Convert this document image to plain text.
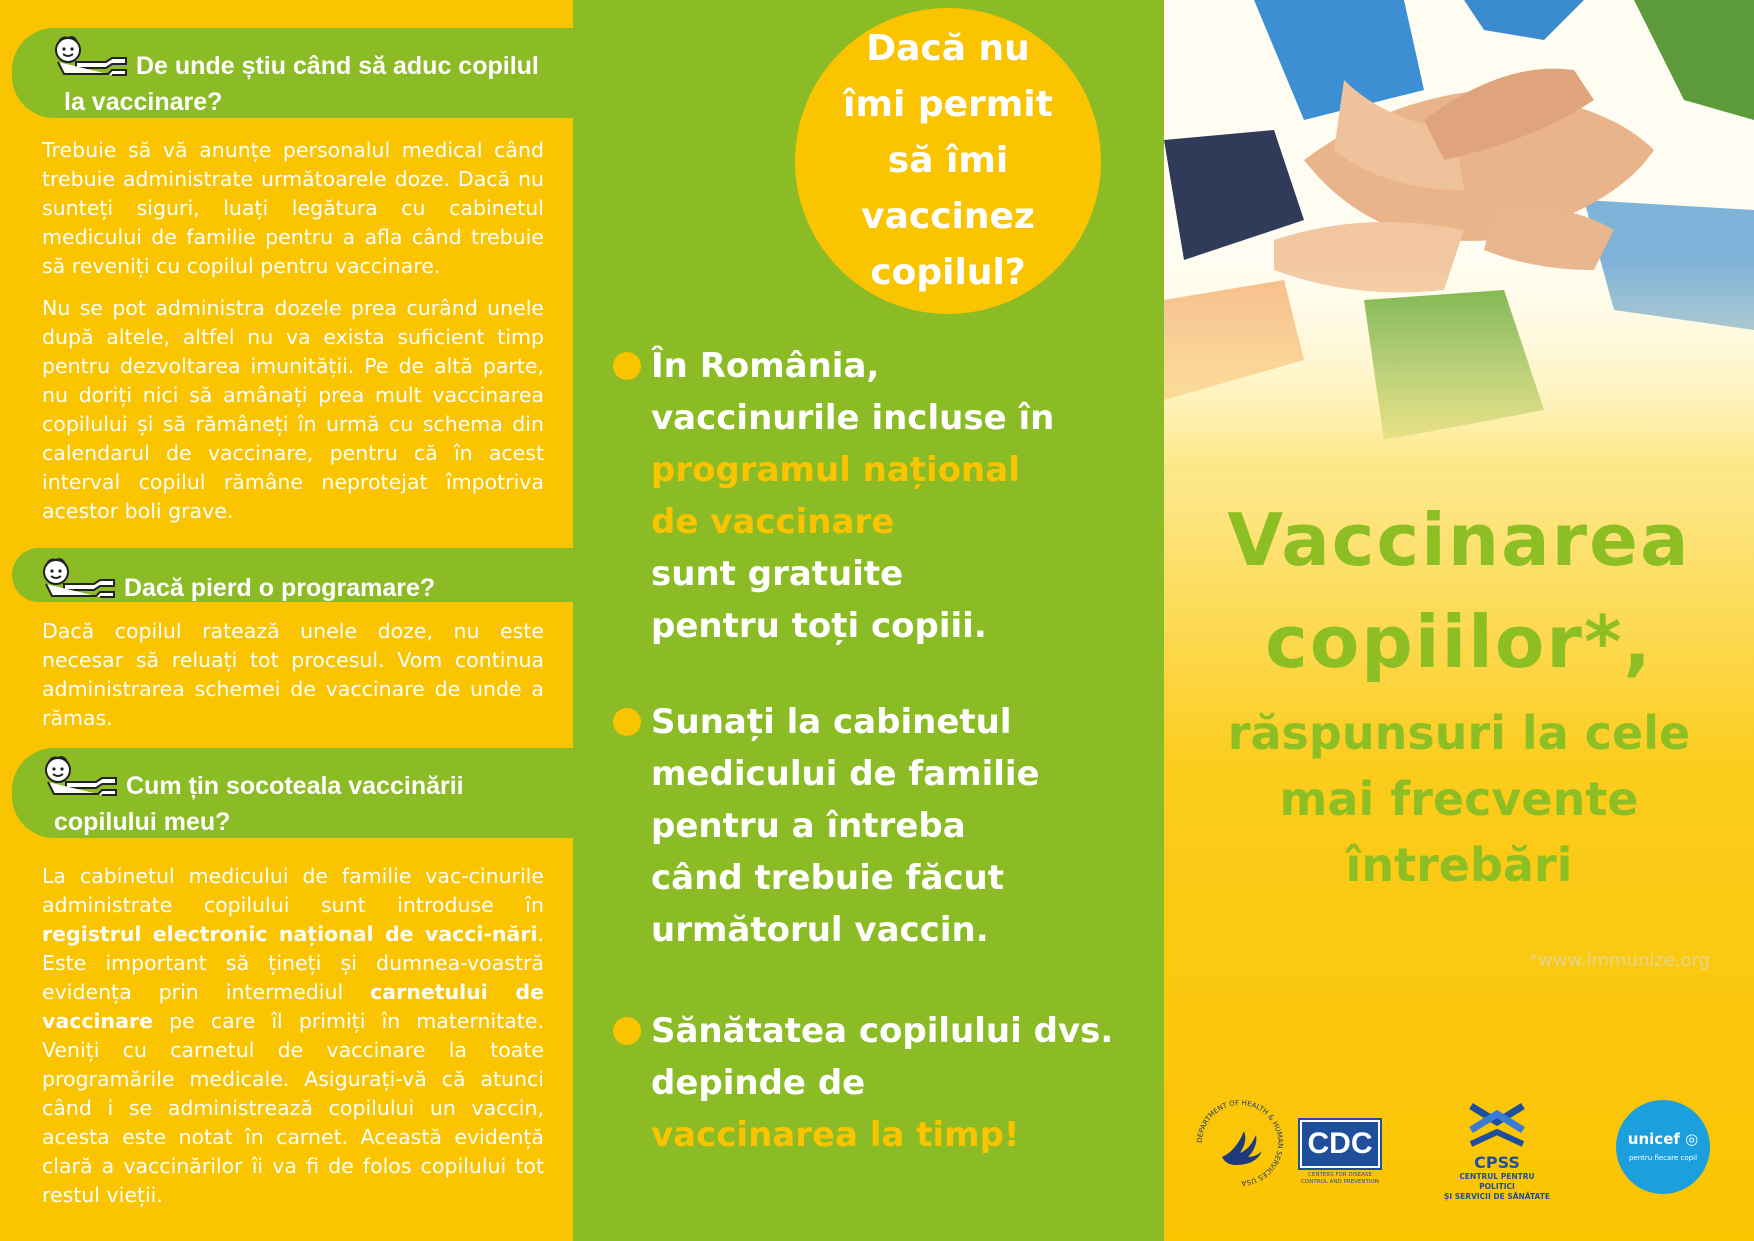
De unde știu când să aduc copilul

la vaccinare?

Trebuie să vă anunțe personalul medical când trebuie administrate următoarele doze. Dacă nu sunteți siguri, luați legătura cu cabinetul medicului de familie pentru a afla când trebuie să reveniți cu copilul pentru vaccinare.

Nu se pot administra dozele prea curând unele după altele, altfel nu va exista suficient timp pentru dezvoltarea imunității. Pe de altă parte, nu doriți nici să amânați prea mult vaccinarea copilului și să rămâneți în urmă cu schema din calendarul de vaccinare, pentru că în acest interval copilul rămâne neprotejat împotriva acestor boli grave.

Dacă pierd o programare?

Dacă copilul ratează unele doze, nu este necesar să reluați tot procesul. Vom continua administrarea schemei de vaccinare de unde a rămas.

Cum țin socoteala vaccinării

copilului meu?

La cabinetul medicului de familie vac-cinurile administrate copilului sunt introduse în registrul electronic național de vacci-nări. Este important să țineți și dumnea-voastră evidența prin intermediul carnetului de vaccinare pe care îl primiți în maternitate. Veniți cu carnetul de vaccinare la toate programările medicale. Asigurați-vă că atunci când i se administrează copilului un vaccin, acesta este notat în carnet. Această evidență clară a vaccinărilor îi va fi de folos copilului tot restul vieții.

Dacă nu
îmi permit
să îmi vaccinez
copilul?
În România,
vaccinurile incluse în
programul național
de vaccinare
sunt gratuite
pentru toți copiii.
Sunați la cabinetul
medicului de familie
pentru a întreba
când trebuie făcut
următorul vaccin.
Sănătatea copilului dvs.
depinde de
vaccinarea la timp!
Vaccinarea
copiilor*,
răspunsuri la cele
mai frecvente
întrebări
*www.immunize.org
DEPARTMENT OF HEALTH & HUMAN SERVICES USA
CDC
CENTERS FOR DISEASE CONTROL AND PREVENTION
CPSS
CENTRUL PENTRU POLITICI
ȘI SERVICII DE SĂNĂTATE
unicef ◎
pentru fiecare copil
